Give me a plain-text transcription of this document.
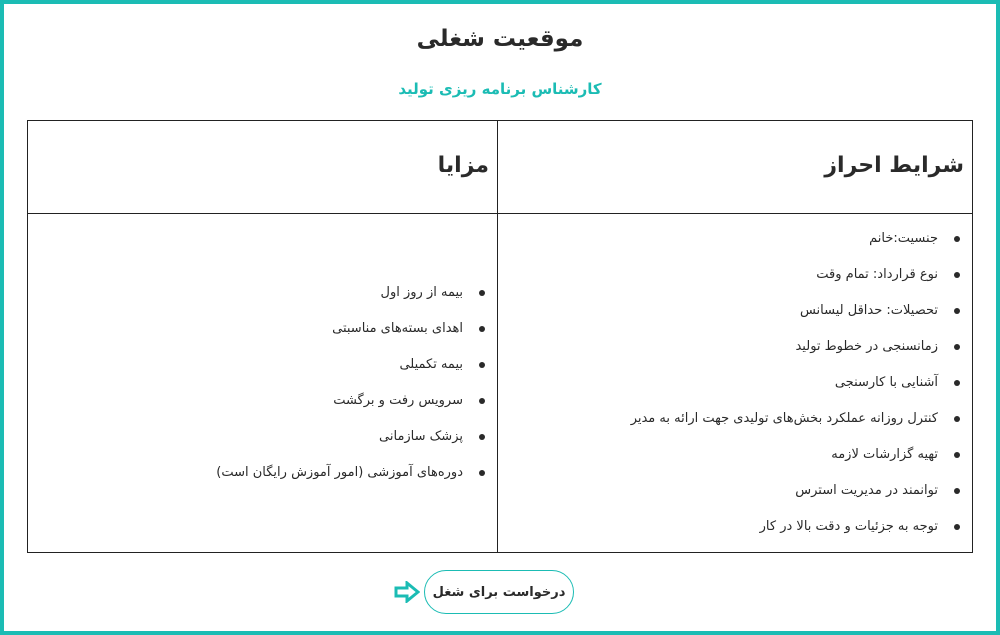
موقعیت شغلی
کارشناس برنامه ریزی تولید
شرایط احراز
جنسیت:خانم
نوع قرارداد: تمام وقت
تحصیلات: حداقل لیسانس
زمانسنجی در خطوط تولید
آشنایی با کارسنجی
کنترل روزانه عملکرد بخش‌های تولیدی جهت ارائه به مدیر
تهیه گزارشات لازمه
توانمند در مدیریت استرس
توجه به جزئیات و دقت بالا در کار
مزایا
بیمه از روز اول
اهدای بسته‌های مناسبتی
بیمه تکمیلی
سرویس رفت و برگشت
پزشک سازمانی
دوره‌های آموزشی (امور آموزش رایگان است)
درخواست برای شغل
